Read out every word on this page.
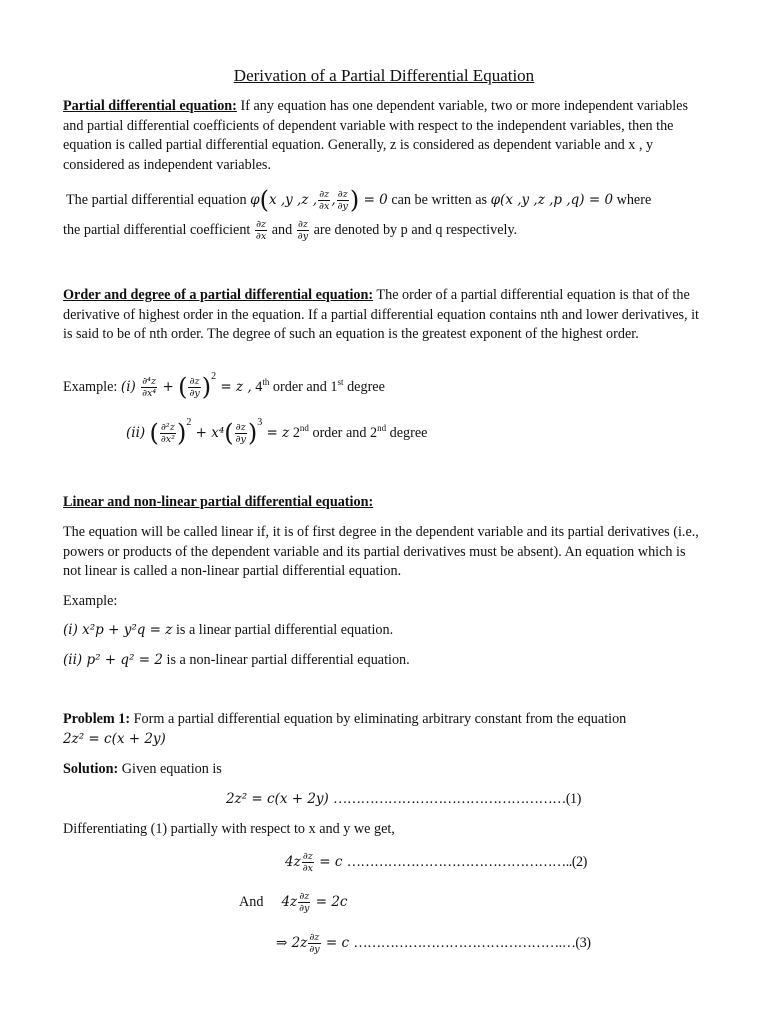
Derivation of a Partial Differential Equation
Partial differential equation: If any equation has one dependent variable, two or more independent variables and partial differential coefficients of dependent variable with respect to the independent variables, then the equation is called partial differential equation. Generally, z is considered as dependent variable and x , y considered as independent variables.
The partial differential equation φ(x ,y ,z , $\frac{\partial z}{\partial x}$ , $\frac{\partial z}{\partial y}$ ) = 0 can be written as φ(x ,y ,z ,p ,q) = 0 where
the partial differential coefficient $\frac{\partial z}{\partial x}$ and $\frac{\partial z}{\partial y}$ are denoted by p and q respectively.
Order and degree of a partial differential equation: The order of a partial differential equation is that of the derivative of highest order in the equation. If a partial differential equation contains nth and lower derivatives, it is said to be of nth order. The degree of such an equation is the greatest exponent of the highest order.
Example: $(i) \frac{\text{∂⁴z}}{\text{∂x⁴}}$ + ( $\frac{\partial z}{\partial y} )^2 = z$ , 4th order and 1st degree
(ii) ( $\frac{\text{∂²z}}{\text{∂x²}} )^2 + x^4( \frac{\partial z}{\partial y} )^3 = z$ 2nd order and 2nd degree
Linear and non-linear partial differential equation:
The equation will be called linear if, it is of first degree in the dependent variable and its partial derivatives (i.e., powers or products of the dependent variable and its partial derivatives must be absent). An equation which is not linear is called a non-linear partial differential equation.
Example:
(i) x²p + y²q = z is a linear partial differential equation.
(ii) p² + q² = 2 is a non-linear partial differential equation.
Problem 1: Form a partial differential equation by eliminating arbitrary constant from the equation
2z² = c(x + 2y)
Solution: Given equation is
2z² = c(x + 2y) ……………………………………………(1)
Differentiating (1) partially with respect to x and y we get,
$4z \frac{\partial z}{\partial x} = c$ …………………………………………..(2)
And $4z \frac{\partial z}{\partial y} = 2c$
⇒ $2z \frac{\partial z}{\partial y} = c$ ……………………………………….…(3)
